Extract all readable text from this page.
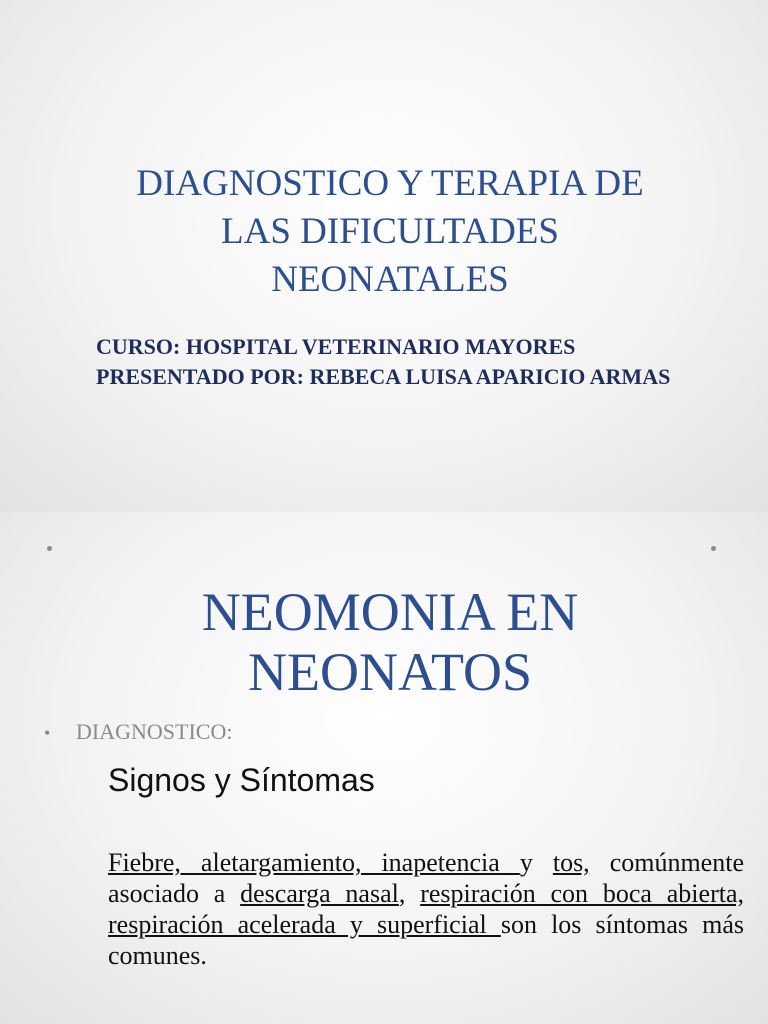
DIAGNOSTICO Y TERAPIA DE
LAS DIFICULTADES
NEONATALES
CURSO: HOSPITAL VETERINARIO MAYORES
PRESENTADO POR: REBECA LUISA APARICIO ARMAS
NEOMONIA EN
NEONATOS
• DIAGNOSTICO:
Signos y Síntomas
Fiebre, aletargamiento, inapetencia y tos, comúnmente asociado a descarga nasal, respiración con boca abierta, respiración acelerada y superficial son los síntomas más comunes.
